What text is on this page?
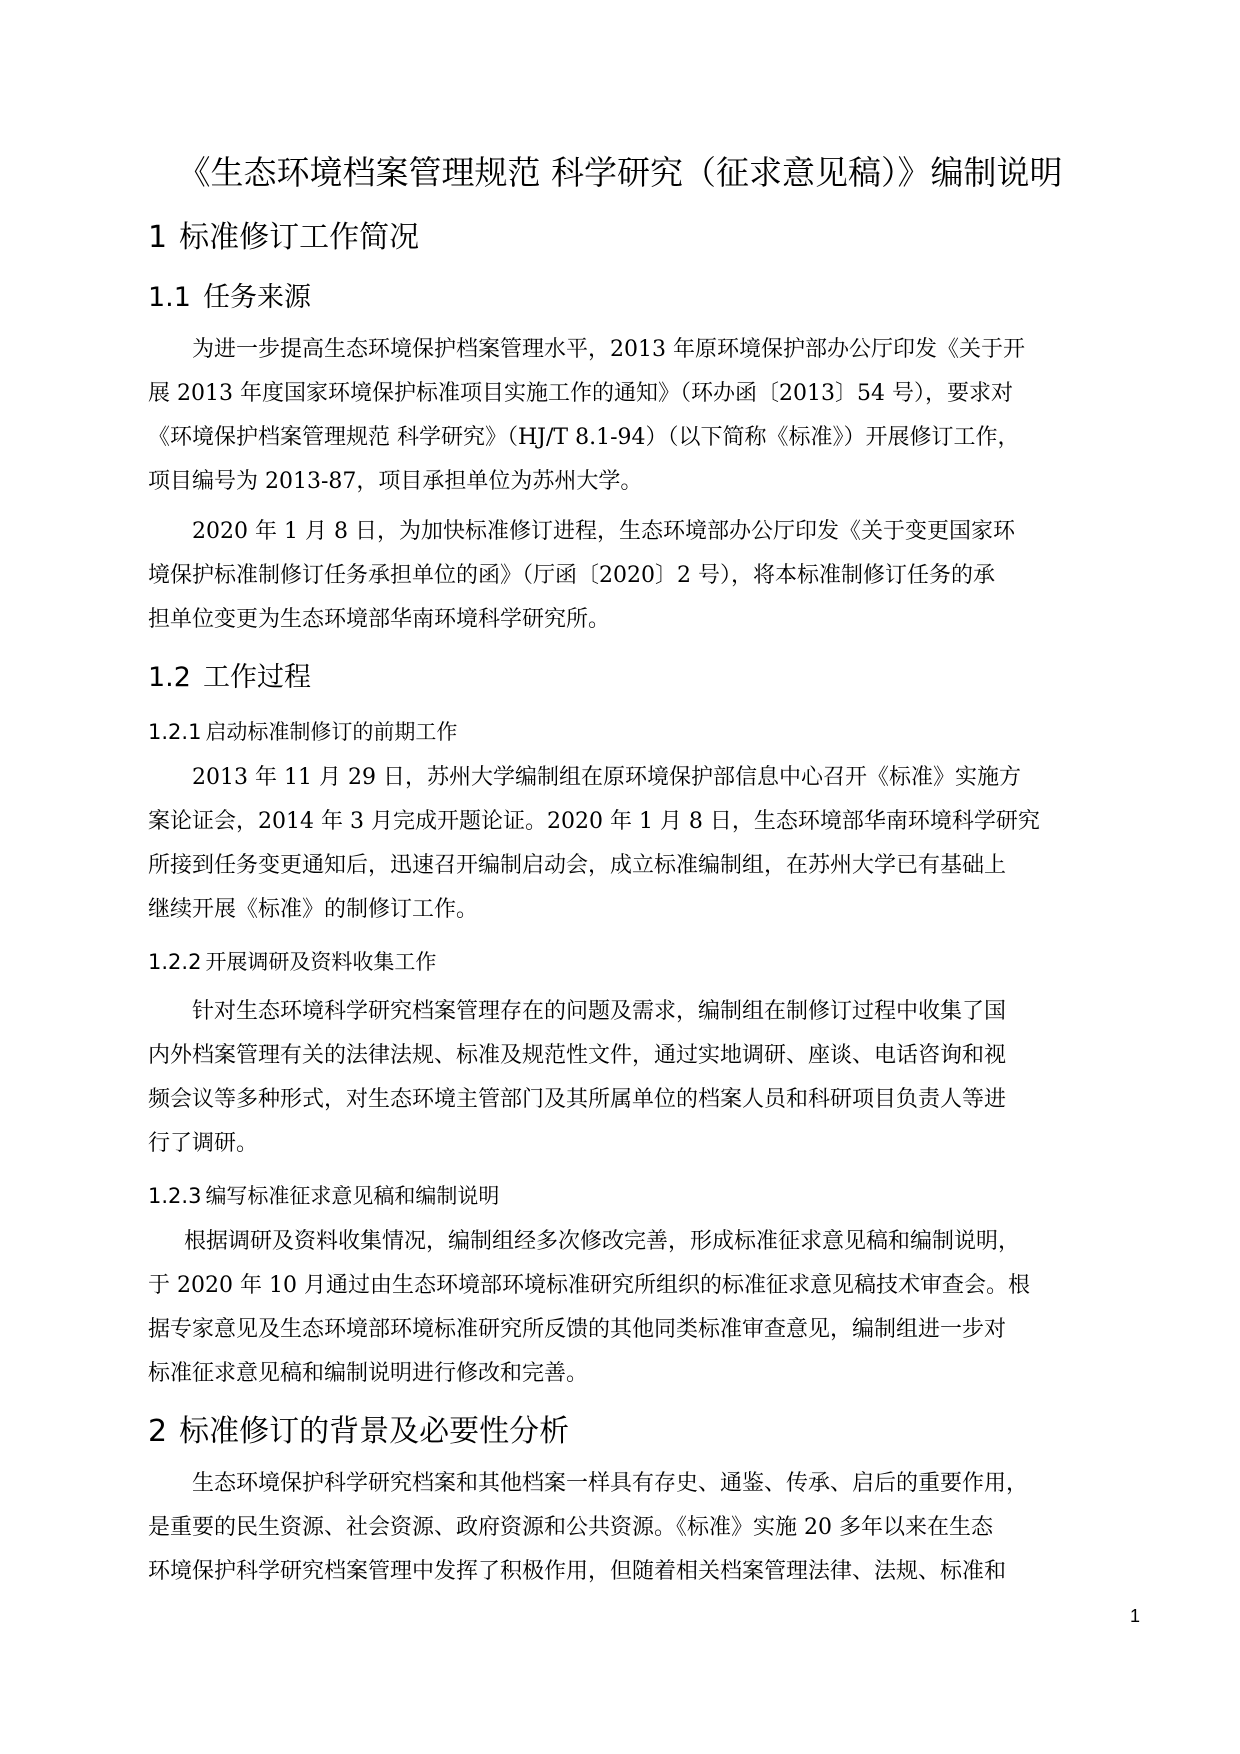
《生态环境档案管理规范 科学研究（征求意见稿）》编制说明
1 标准修订工作简况
1.1 任务来源
为进一步提高生态环境保护档案管理水平，2013 年原环境保护部办公厅印发《关于开
展 2013 年度国家环境保护标准项目实施工作的通知》（环办函〔2013〕54 号），要求对
《环境保护档案管理规范 科学研究》（HJ/T 8.1-94）（以下简称《标准》）开展修订工作，
项目编号为 2013-87，项目承担单位为苏州大学。
2020 年 1 月 8 日，为加快标准修订进程，生态环境部办公厅印发《关于变更国家环
境保护标准制修订任务承担单位的函》（厅函〔2020〕2 号），将本标准制修订任务的承
担单位变更为生态环境部华南环境科学研究所。
1.2 工作过程
1.2.1 启动标准制修订的前期工作
2013 年 11 月 29 日，苏州大学编制组在原环境保护部信息中心召开《标准》实施方
案论证会，2014 年 3 月完成开题论证。2020 年 1 月 8 日，生态环境部华南环境科学研究
所接到任务变更通知后，迅速召开编制启动会，成立标准编制组，在苏州大学已有基础上
继续开展《标准》的制修订工作。
1.2.2 开展调研及资料收集工作
针对生态环境科学研究档案管理存在的问题及需求，编制组在制修订过程中收集了国
内外档案管理有关的法律法规、标准及规范性文件，通过实地调研、座谈、电话咨询和视
频会议等多种形式，对生态环境主管部门及其所属单位的档案人员和科研项目负责人等进
行了调研。
1.2.3 编写标准征求意见稿和编制说明
根据调研及资料收集情况，编制组经多次修改完善，形成标准征求意见稿和编制说明，
于 2020 年 10 月通过由生态环境部环境标准研究所组织的标准征求意见稿技术审查会。根
据专家意见及生态环境部环境标准研究所反馈的其他同类标准审查意见，编制组进一步对
标准征求意见稿和编制说明进行修改和完善。
2 标准修订的背景及必要性分析
生态环境保护科学研究档案和其他档案一样具有存史、通鉴、传承、启后的重要作用，
是重要的民生资源、社会资源、政府资源和公共资源。《标准》实施 20 多年以来在生态
环境保护科学研究档案管理中发挥了积极作用，但随着相关档案管理法律、法规、标准和
1
